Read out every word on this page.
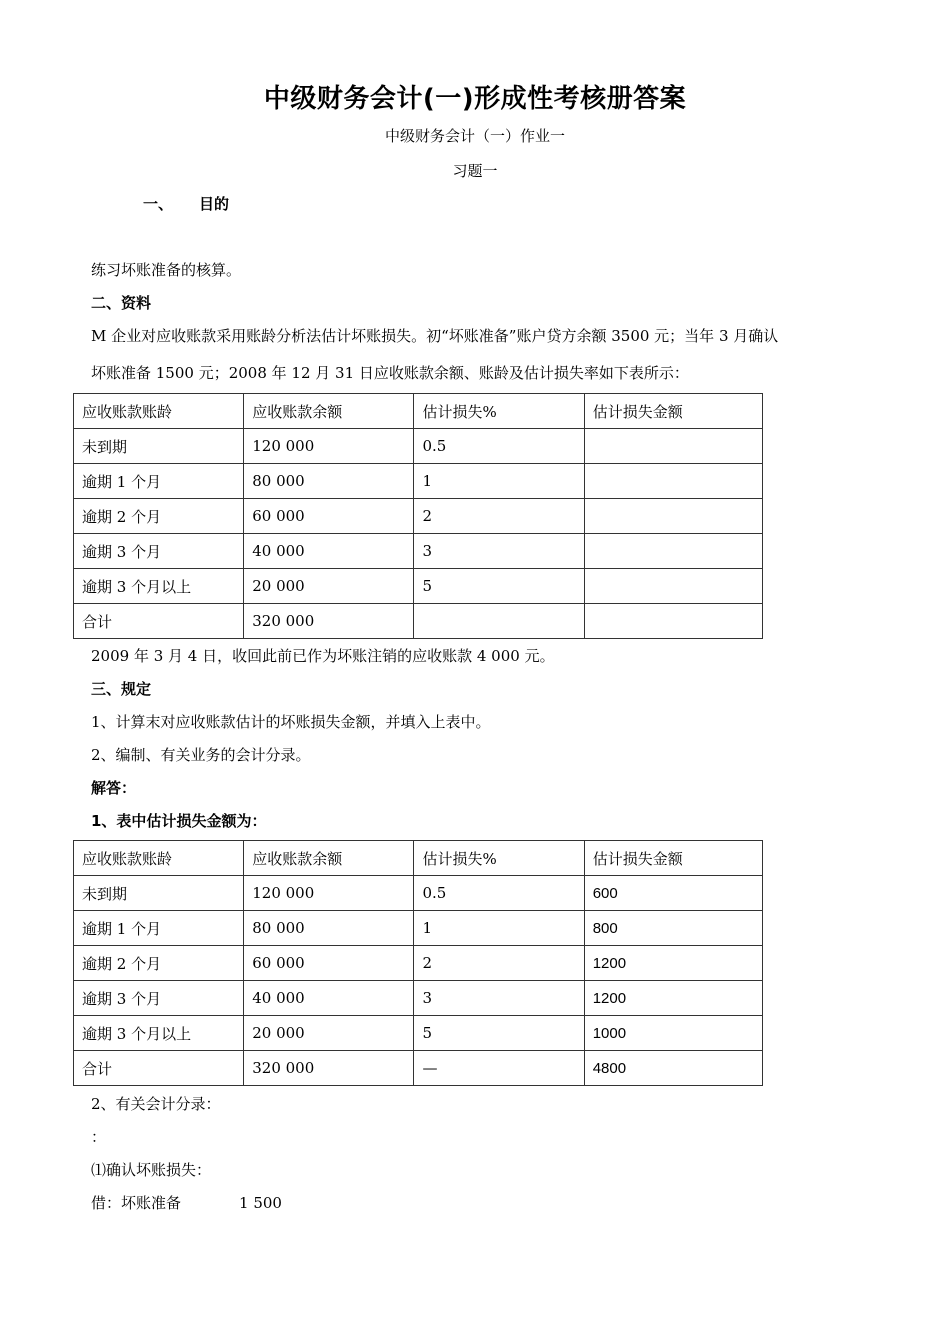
中级财务会计(一)形成性考核册答案
中级财务会计（一）作业一
习题一
一、 目的
练习坏账准备的核算。
二、资料
M 企业对应收账款采用账龄分析法估计坏账损失。初“坏账准备”账户贷方余额 3500 元；当年 3 月确认
坏账准备 1500 元；2008 年 12 月 31 日应收账款余额、账龄及估计损失率如下表所示：
应收账款账龄	应收账款余额	估计损失%	估计损失金额
未到期	120 000	0.5	
逾期 1 个月	80 000	1	
逾期 2 个月	60 000	2	
逾期 3 个月	40 000	3	
逾期 3 个月以上	20 000	5	
合计	320 000		
2009 年 3 月 4 日，收回此前已作为坏账注销的应收账款 4 000 元。
三、规定
1、计算末对应收账款估计的坏账损失金额，并填入上表中。
2、编制、有关业务的会计分录。
解答：
1、表中估计损失金额为：
应收账款账龄	应收账款余额	估计损失%	估计损失金额
未到期	120 000	0.5	600
逾期 1 个月	80 000	1	800
逾期 2 个月	60 000	2	1200
逾期 3 个月	40 000	3	1200
逾期 3 个月以上	20 000	5	1000
合计	320 000	—	4800
2、有关会计分录：
：
⑴确认坏账损失：
借：坏账准备	1 500
